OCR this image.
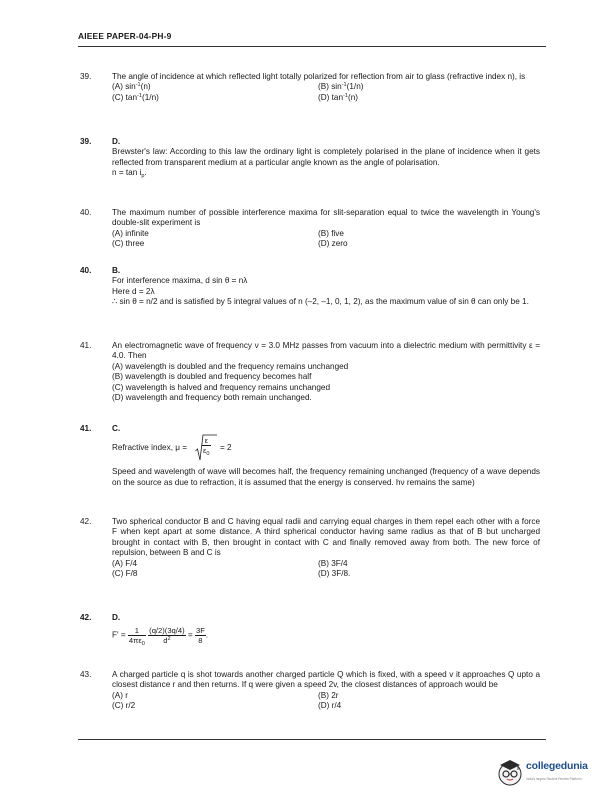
AIEEE PAPER-04-PH-9
39.	The angle of incidence at which reflected light totally polarized for reflection from air to glass (refractive index n), is

(A) $\sin^{-1}(n)$	(B) $\sin^{-1}(1/n)$
(C) $\tan^{-1}(1/n)$	(D) $\tan^{-1}(n)$
39.	D.

Brewster's law: According to this law the ordinary light is completely polarised in the plane of incidence when it gets reflected from transparent medium at a particular angle known as the angle of polarisation.

$n = \tan i_p$.

40.	The maximum number of possible interference maxima for slit-separation equal to twice the wavelength in Young's double-slit experiment is

(A) infinite	(B) five
(C) three	(D) zero
40.	B.

For interference maxima, d sin θ = nλ

Here d = 2λ

∴ sin θ = n/2 and is satisfied by 5 integral values of n (–2, –1, 0, 1, 2), as the maximum value of sin θ can only be 1.

41.	An electromagnetic wave of frequency ν = 3.0 MHz passes from vacuum into a dielectric medium with permittivity ε = 4.0. Then

(A) wavelength is doubled and the frequency remains unchanged

(B) wavelength is doubled and frequency becomes half

(C) wavelength is halved and frequency remains unchanged

(D) wavelength and frequency both remain unchanged.

41.	C.

Refractive index, $\mu = \frac{\varepsilon}{\varepsilon_0} = 2$

Speed and wavelength of wave will becomes half, the frequency remaining unchanged (frequency of a wave depends on the source as due to refraction, it is assumed that the energy is conserved. hν remains the same)

42.	Two spherical conductor B and C having equal radii and carrying equal charges in them repel each other with a force F when kept apart at some distance. A third spherical conductor having same radius as that of B but uncharged brought in contact with B, then brought in contact with C and finally removed away from both. The new force of repulsion, between B and C is

(A) F/4	(B) 3F/4
(C) F/8	(D) 3F/8.
42.	D.

$F' = \frac{1}{4\pi\varepsilon_0}$
$\frac{(q/2)(3q/4)}{d^2} = \frac{3F}{8}$ .
43.	A charged particle q is shot towards another charged particle Q which is fixed, with a speed v it approaches Q upto a closest distance r and then returns. If q were given a speed 2v, the closest distances of approach would be

(A) r	(B) 2r
(C) r/2	(D) r/4
collegedunia
India's largest Student Review Platform
